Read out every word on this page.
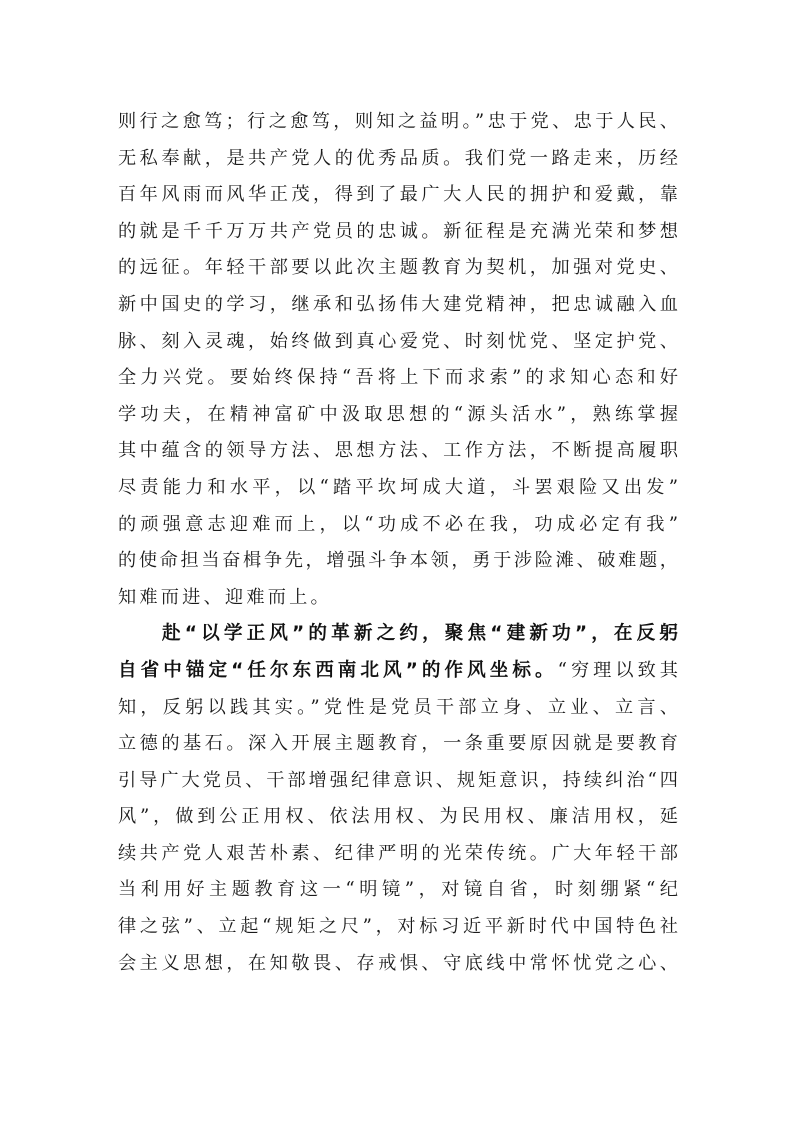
则行之愈笃；行之愈笃，则知之益明。”忠于党、忠于人民、
无私奉献，是共产党人的优秀品质。我们党一路走来，历经
百年风雨而风华正茂，得到了最广大人民的拥护和爱戴，靠
的就是千千万万共产党员的忠诚。新征程是充满光荣和梦想
的远征。年轻干部要以此次主题教育为契机，加强对党史、
新中国史的学习，继承和弘扬伟大建党精神，把忠诚融入血
脉、刻入灵魂，始终做到真心爱党、时刻忧党、坚定护党、
全力兴党。要始终保持“吾将上下而求索”的求知心态和好
学功夫，在精神富矿中汲取思想的“源头活水”，熟练掌握
其中蕴含的领导方法、思想方法、工作方法，不断提高履职
尽责能力和水平，以“踏平坎坷成大道，斗罢艰险又出发”
的顽强意志迎难而上，以“功成不必在我，功成必定有我”
的使命担当奋楫争先，增强斗争本领，勇于涉险滩、破难题，
知难而进、迎难而上。
赴“以学正风”的革新之约，聚焦“建新功”，在反躬
自省中锚定“任尔东西南北风”的作风坐标。“穷理以致其
知，反躬以践其实。”党性是党员干部立身、立业、立言、
立德的基石。深入开展主题教育，一条重要原因就是要教育
引导广大党员、干部增强纪律意识、规矩意识，持续纠治“四
风”，做到公正用权、依法用权、为民用权、廉洁用权，延
续共产党人艰苦朴素、纪律严明的光荣传统。广大年轻干部
当利用好主题教育这一“明镜”，对镜自省，时刻绷紧“纪
律之弦”、立起“规矩之尺”，对标习近平新时代中国特色社
会主义思想，在知敬畏、存戒惧、守底线中常怀忧党之心、
